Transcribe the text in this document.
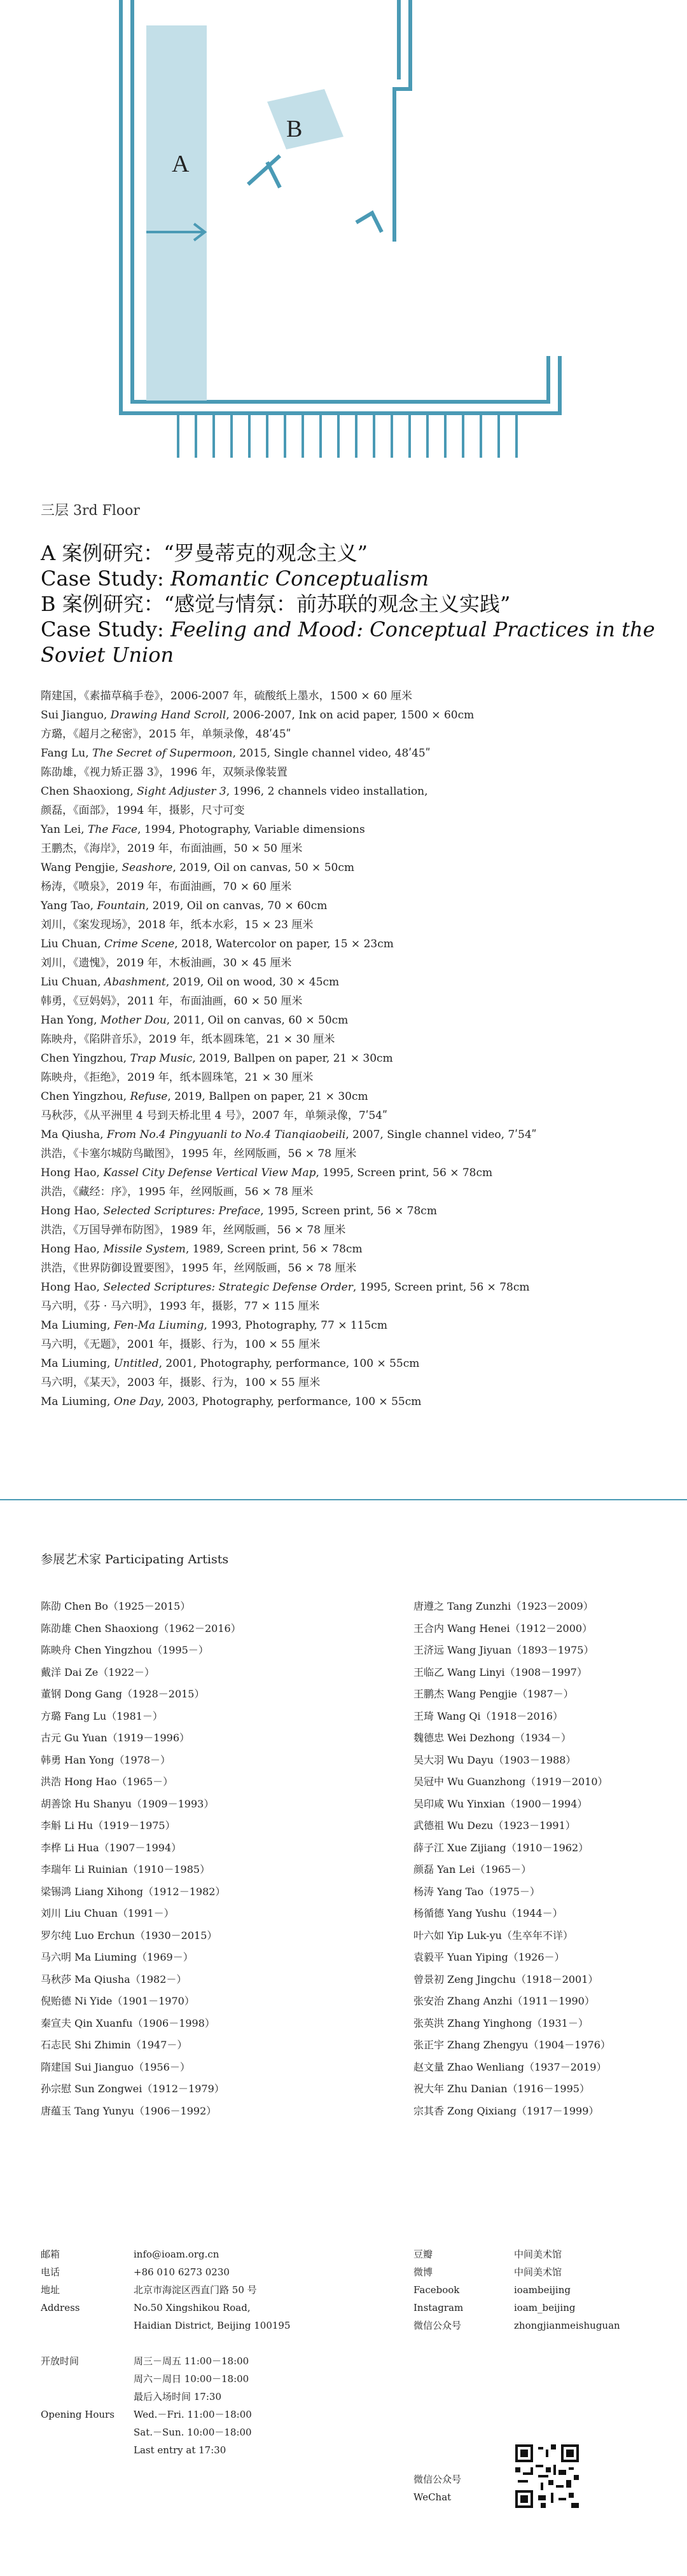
A
B
三层 3rd Floor
A 案例研究：“罗曼蒂克的观念主义”
Case Study: Romantic Conceptualism
B 案例研究：“感觉与情氛：前苏联的观念主义实践”
Case Study: Feeling and Mood: Conceptual Practices in the Soviet Union
隋建国，《素描草稿手卷》，2006-2007 年，硫酸纸上墨水，1500 × 60 厘米
Sui Jianguo, Drawing Hand Scroll, 2006-2007, Ink on acid paper, 1500 × 60cm
方璐，《超月之秘密》，2015 年，单频录像，48ʹ45ʺ
Fang Lu, The Secret of Supermoon, 2015, Single channel video, 48ʹ45ʺ
陈劭雄，《视力矫正器 3》，1996 年，双频录像装置
Chen Shaoxiong, Sight Adjuster 3, 1996, 2 channels video installation,
颜磊，《面部》，1994 年，摄影，尺寸可变
Yan Lei, The Face, 1994, Photography, Variable dimensions
王鹏杰，《海岸》，2019 年，布面油画，50 × 50 厘米
Wang Pengjie, Seashore, 2019, Oil on canvas, 50 × 50cm
杨涛，《喷泉》，2019 年，布面油画，70 × 60 厘米
Yang Tao, Fountain, 2019, Oil on canvas, 70 × 60cm
刘川，《案发现场》，2018 年，纸本水彩，15 × 23 厘米
Liu Chuan, Crime Scene, 2018, Watercolor on paper, 15 × 23cm
刘川，《遗愧》，2019 年，木板油画，30 × 45 厘米
Liu Chuan, Abashment, 2019, Oil on wood, 30 × 45cm
韩勇，《豆妈妈》，2011 年，布面油画，60 × 50 厘米
Han Yong, Mother Dou, 2011, Oil on canvas, 60 × 50cm
陈映舟，《陷阱音乐》，2019 年，纸本圆珠笔，21 × 30 厘米
Chen Yingzhou, Trap Music, 2019, Ballpen on paper, 21 × 30cm
陈映舟，《拒绝》，2019 年，纸本圆珠笔，21 × 30 厘米
Chen Yingzhou, Refuse, 2019, Ballpen on paper, 21 × 30cm
马秋莎，《从平洲里 4 号到天桥北里 4 号》，2007 年，单频录像，7ʹ54ʺ
Ma Qiusha, From No.4 Pingyuanli to No.4 Tianqiaobeili, 2007, Single channel video, 7ʹ54ʺ
洪浩，《卡塞尔城防鸟瞰图》，1995 年，丝网版画，56 × 78 厘米
Hong Hao, Kassel City Defense Vertical View Map, 1995, Screen print, 56 × 78cm
洪浩，《藏经：序》，1995 年，丝网版画，56 × 78 厘米
Hong Hao, Selected Scriptures: Preface, 1995, Screen print, 56 × 78cm
洪浩，《万国导弹布防图》，1989 年，丝网版画，56 × 78 厘米
Hong Hao, Missile System, 1989, Screen print, 56 × 78cm
洪浩，《世界防御设置要图》，1995 年，丝网版画，56 × 78 厘米
Hong Hao, Selected Scriptures: Strategic Defense Order, 1995, Screen print, 56 × 78cm
马六明，《芬 · 马六明》，1993 年，摄影，77 × 115 厘米
Ma Liuming, Fen-Ma Liuming, 1993, Photography, 77 × 115cm
马六明，《无题》，2001 年，摄影、行为，100 × 55 厘米
Ma Liuming, Untitled, 2001, Photography, performance, 100 × 55cm
马六明，《某天》，2003 年，摄影、行为，100 × 55 厘米
Ma Liuming, One Day, 2003, Photography, performance, 100 × 55cm
参展艺术家 Participating Artists
陈劭 Chen Bo（1925－2015）
陈劭雄 Chen Shaoxiong（1962－2016）
陈映舟 Chen Yingzhou（1995－）
戴洋 Dai Ze（1922－）
董钢 Dong Gang（1928－2015）
方璐 Fang Lu（1981－）
古元 Gu Yuan（1919－1996）
韩勇 Han Yong（1978－）
洪浩 Hong Hao（1965－）
胡善馀 Hu Shanyu（1909－1993）
李斛 Li Hu（1919－1975）
李桦 Li Hua（1907－1994）
李瑞年 Li Ruinian（1910－1985）
梁锡鸿 Liang Xihong（1912－1982）
刘川 Liu Chuan（1991－）
罗尔纯 Luo Erchun（1930－2015）
马六明 Ma Liuming（1969－）
马秋莎 Ma Qiusha（1982－）
倪贻德 Ni Yide（1901－1970）
秦宣夫 Qin Xuanfu（1906－1998）
石志民 Shi Zhimin（1947－）
隋建国 Sui Jianguo（1956－）
孙宗慰 Sun Zongwei（1912－1979）
唐蕴玉 Tang Yunyu（1906－1992）
唐遵之 Tang Zunzhi（1923－2009）
王合内 Wang Henei（1912－2000）
王济远 Wang Jiyuan（1893－1975）
王临乙 Wang Linyi（1908－1997）
王鹏杰 Wang Pengjie（1987－）
王琦 Wang Qi（1918－2016）
魏德忠 Wei Dezhong（1934－）
吴大羽 Wu Dayu（1903－1988）
吴冠中 Wu Guanzhong（1919－2010）
吴印咸 Wu Yinxian（1900－1994）
武德祖 Wu Dezu（1923－1991）
薛子江 Xue Zijiang（1910－1962）
颜磊 Yan Lei（1965－）
杨涛 Yang Tao（1975－）
杨循德 Yang Yushu（1944－）
叶六如 Yip Luk-yu（生卒年不详）
袁毅平 Yuan Yiping（1926－）
曾景初 Zeng Jingchu（1918－2001）
张安治 Zhang Anzhi（1911－1990）
张英洪 Zhang Yinghong（1931－）
张正宇 Zhang Zhengyu（1904－1976）
赵文量 Zhao Wenliang（1937－2019）
祝大年 Zhu Danian（1916－1995）
宗其香 Zong Qixiang（1917－1999）
邮箱
电话
地址
Address

开放时间

Opening Hours

info@ioam.org.cn
+86 010 6273 0230
北京市海淀区西直门路 50 号
No.50 Xingshikou Road,
Haidian District, Beijing 100195

周三－周五 11:00－18:00
周六－周日 10:00－18:00
最后入场时间 17:30
Wed.－Fri. 11:00－18:00
Sat.－Sun. 10:00－18:00
Last entry at 17:30
豆瓣
微博
Facebook
Instagram
微信公众号
中间美术馆
中间美术馆
ioambeijing
ioam_beijing
zhongjianmeishuguan
微信公众号
WeChat
